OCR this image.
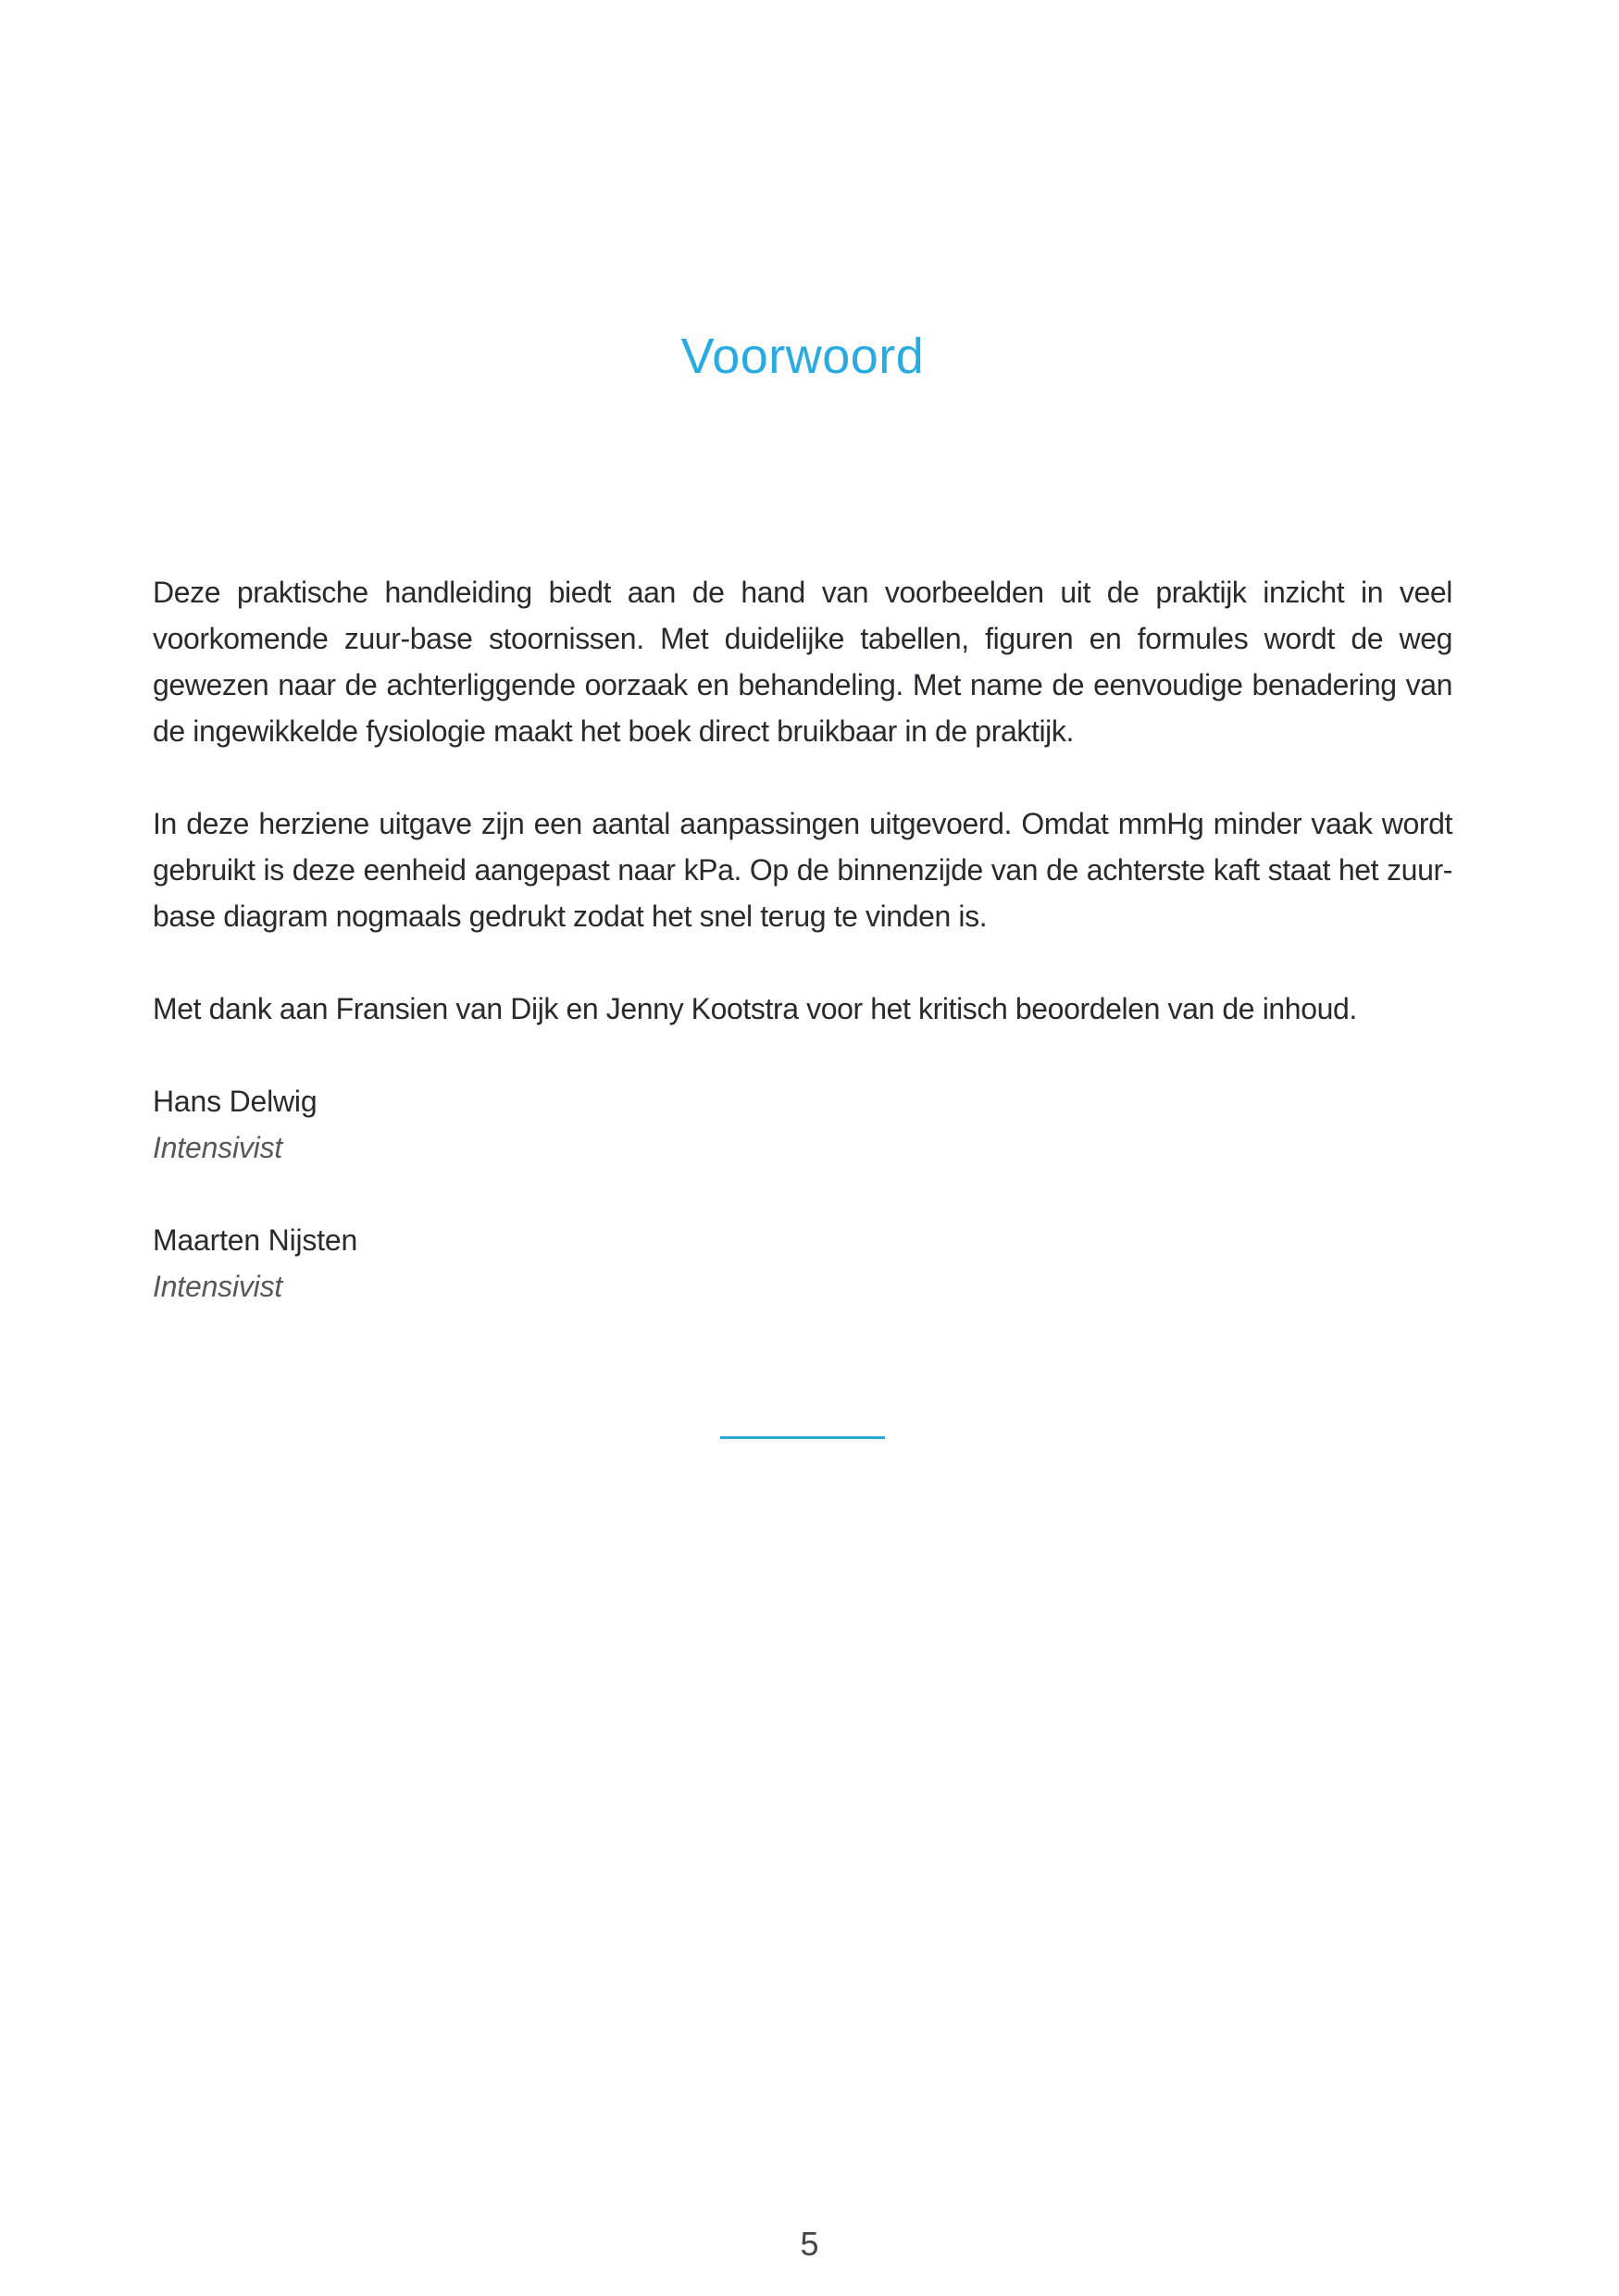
Voorwoord

Deze praktische handleiding biedt aan de hand van voorbeelden uit de praktijk inzicht in veel voorkomende zuur-base stoornissen. Met duidelijke tabellen, figuren en formules wordt de weg gewezen naar de achterliggende oorzaak en behandeling. Met name de eenvoudige benadering van de ingewikkelde fysiologie maakt het boek direct bruikbaar in de praktijk.

In deze herziene uitgave zijn een aantal aanpassingen uitgevoerd. Omdat mmHg minder vaak wordt gebruikt is deze eenheid aangepast naar kPa. Op de binnenzijde van de achterste kaft staat het zuur-base diagram nogmaals gedrukt zodat het snel terug te vinden is.

Met dank aan Fransien van Dijk en Jenny Kootstra voor het kritisch beoordelen van de inhoud.

Hans Delwig
Intensivist
Maarten Nijsten
Intensivist
5
